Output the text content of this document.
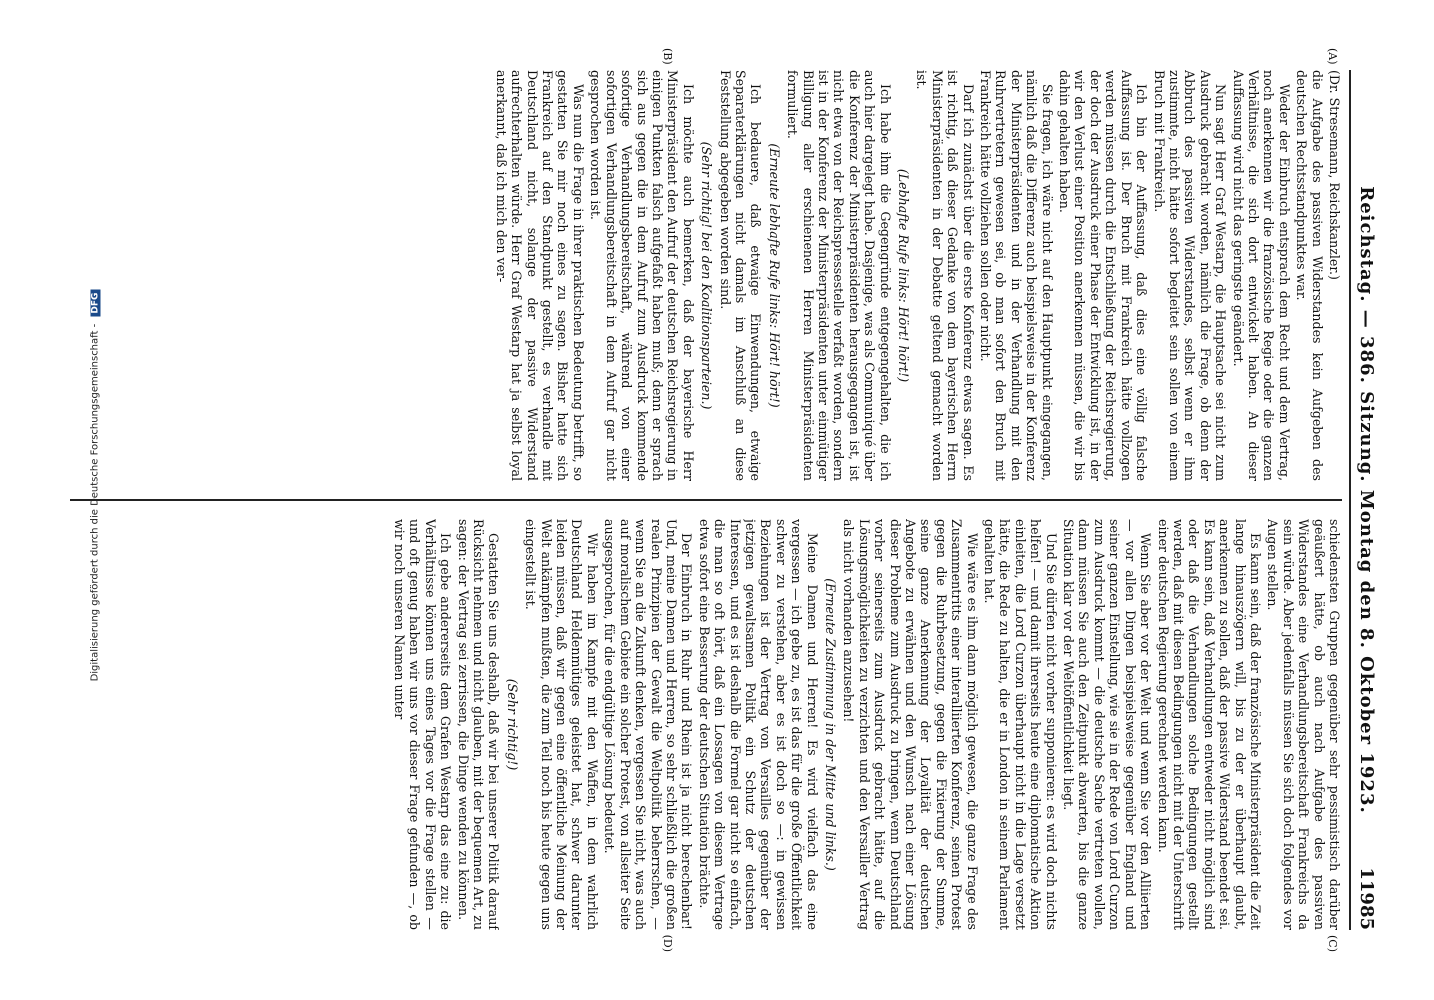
Reichstag. — 386. Sitzung. Montag den 8. Oktober 1923.
11985
(A)
(B)
(C)
(D)

(Dr. Stresemann, Reichskanzler.)

die Aufgabe des passiven Widerstandes kein Aufgeben des deutschen Rechtsstandpunktes war.

Weder der Einbruch entsprach dem Recht und dem Vertrag, noch anerkennen wir die französische Regie oder die ganzen Verhältnisse, die sich dort entwickelt haben. An dieser Auffassung wird nicht das geringste geändert.

Nun sagt Herr Graf Westarp, die Hauptsache sei nicht zum Ausdruck gebracht worden, nämlich die Frage, ob denn der Abbruch des passiven Widerstandes, selbst wenn er ihm zustimmte, nicht hätte sofort begleitet sein sollen von einem Bruch mit Frankreich.

Ich bin der Auffassung, daß dies eine völlig falsche Auffassung ist. Der Bruch mit Frankreich hätte vollzogen werden müssen durch die Entschließung der Reichsregierung, der doch der Ausdruck einer Phase der Entwicklung ist, in der wir den Verlust einer Position anerkennen müssen, die wir bis dahin gehalten haben.

Sie fragen, ich wäre nicht auf den Hauptpunkt eingegangen, nämlich daß die Differenz auch beispielsweise in der Konferenz der Ministerpräsidenten und in der Verhandlung mit den Ruhrvertretern gewesen sei, ob man sofort den Bruch mit Frankreich hätte vollziehen sollen oder nicht.

Darf ich zunächst über die erste Konferenz etwas sagen. Es ist richtig, daß dieser Gedanke von dem bayerischen Herrn Ministerpräsidenten in der Debatte geltend gemacht worden ist.

(Lebhafte Rufe links: Hört! hört!)

Ich habe ihm die Gegengründe entgegengehalten, die ich auch hier dargelegt habe. Dasjenige, was als Communiqué über die Konferenz der Ministerpräsidenten herausgegangen ist, ist nicht etwa von der Reichspressestelle verfaßt worden, sondern ist in der Konferenz der Ministerpräsidenten unter einmütiger Billigung aller erschienenen Herren Ministerpräsidenten formuliert.

(Erneute lebhafte Rufe links: Hört! hört!)

Ich bedauere, daß etwaige Einwendungen, etwaige Separaterklärungen nicht damals im Anschluß an diese Feststellung abgegeben worden sind.

(Sehr richtig! bei den Koalitionsparteien.)

Ich möchte auch bemerken, daß der bayerische Herr Ministerpräsident den Aufruf der deutschen Reichsregierung in einigen Punkten falsch aufgefaßt haben muß; denn er sprach sich aus gegen die in dem Aufruf zum Ausdruck kommende sofortige Verhandlungsbereitschaft, während von einer sofortigen Verhandlungsbereitschaft in dem Aufruf gar nicht gesprochen worden ist.

Was nun die Frage in ihrer praktischen Bedeutung betrifft, so gestatten Sie mir noch eines zu sagen. Bisher hatte sich Frankreich auf den Standpunkt gestellt, es verhandle mit Deutschland nicht, solange der passive Widerstand aufrechterhalten würde. Herr Graf Westarp hat ja selbst loyal anerkannt, daß ich mich den ver-

schiedensten Gruppen gegenüber sehr pessimistisch darüber geäußert hätte, ob auch nach Aufgabe des passiven Widerstandes eine Verhandlungsbereitschaft Frankreichs da sein würde. Aber jedenfalls müssen Sie sich doch folgendes vor Augen stellen.

Es kann sein, daß der französische Ministerpräsident die Zeit lange hinauszögern will, bis zu der er überhaupt glaubt, anerkennen zu sollen, daß der passive Widerstand beendet sei. Es kann sein, daß Verhandlungen entweder nicht möglich sind oder daß die Verhandlungen solche Bedingungen gestellt werden, daß mit diesen Bedingungen nicht mit der Unterschrift einer deutschen Regierung gerechnet werden kann.

Wenn Sie aber vor der Welt und wenn Sie vor den Alliierten — vor allen Dingen beispielsweise gegenüber England und seiner ganzen Einstellung, wie sie in der Rede von Lord Curzon zum Ausdruck kommt — die deutsche Sache vertreten wollen, dann müssen Sie auch den Zeitpunkt abwarten, bis die ganze Situation klar vor der Weltöffentlichkeit liegt.

Und Sie dürfen nicht vorher supponieren: es wird doch nichts helfen! — und damit ihrerseits heute eine diplomatische Aktion einleiten, die Lord Curzon überhaupt nicht in die Lage versetzt hätte, die Rede zu halten, die er in London in seinem Parlament gehalten hat.

Wie wäre es ihm dann möglich gewesen, die ganze Frage des Zusammentritts einer interalliierten Konferenz, seinen Protest gegen die Ruhrbesetzung, gegen die Fixierung der Summe, seine ganze Anerkennung der Loyalität der deutschen Angebote zu erwähnen und den Wunsch nach einer Lösung dieser Probleme zum Ausdruck zu bringen, wenn Deutschland vorher seinerseits zum Ausdruck gebracht hätte, auf die Lösungsmöglichkeiten zu verzichten und den Versailler Vertrag als nicht vorhanden anzusehen!

(Erneute Zustimmung in der Mitte und links.)

Meine Damen und Herren! Es wird vielfach das eine vergessen — ich gebe zu, es ist das für die große Öffentlichkeit schwer zu verstehen, aber es ist doch so —: in gewissen Beziehungen ist der Vertrag von Versailles gegenüber der jetzigen gewaltsamen Politik ein Schutz der deutschen Interessen, und es ist deshalb die Formel gar nicht so einfach, die man so oft hört, daß ein Lossagen von diesem Vertrage etwa sofort eine Besserung der deutschen Situation brächte.

Der Einbruch in Ruhr und Rhein ist ja nicht berechenbar! Und, meine Damen und Herren, so sehr schließlich die großen realen Prinzipien der Gewalt die Weltpolitik beherrschen, — wenn Sie an die Zukunft denken, vergessen Sie nicht, was auch auf moralischem Gebiete ein solcher Protest, von allseiter Seite ausgesprochen, für die endgültige Lösung bedeutet.

Wir haben im Kampfe mit den Waffen, in dem wahrlich Deutschland Heldenmütiges geleistet hat, schwer darunter leiden müssen, daß wir gegen eine öffentliche Meinung der Welt ankämpfen mußten, die zum Teil noch bis heute gegen uns eingestellt ist.

(Sehr richtig!)

Gestatten Sie uns deshalb, daß wir bei unserer Politik darauf Rücksicht nehmen und nicht glauben, mit der bequemen Art, zu sagen: der Vertrag sei zerrissen, die Dinge wenden zu können.

Ich gebe andererseits dem Grafen Westarp das eine zu: die Verhältnisse können uns eines Tages vor die Frage stellen — und oft genug haben wir uns vor dieser Frage gefunden —, ob wir noch unseren Namen unter

Digitalisierung gefördert durch die Deutsche Forschungsgemeinschaft - DFG
